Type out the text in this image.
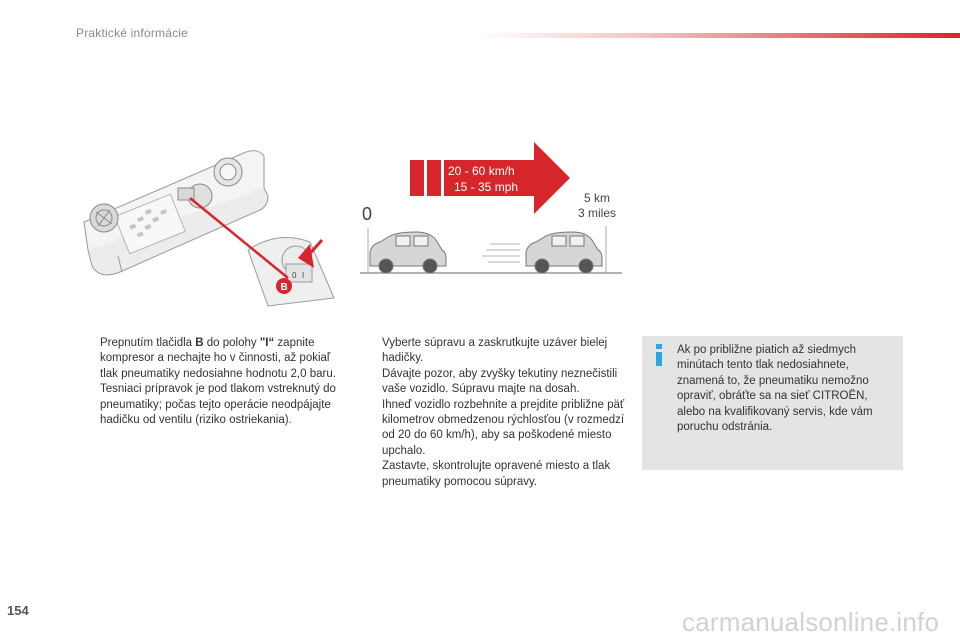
Praktické informácie
0 I
B
20 - 60 km/h
15 - 35 mph
0
5 km
3 miles
Prepnutím tlačidla B do polohy "I“ zapnite kompresor a nechajte ho v činnosti, až pokiaľ tlak pneumatiky nedosiahne hodnotu 2,0 baru.
Tesniaci prípravok je pod tlakom vstreknutý do pneumatiky; počas tejto operácie neodpájajte hadičku od ventilu (riziko ostriekania).
Vyberte súpravu a zaskrutkujte uzáver bielej hadičky.
Dávajte pozor, aby zvyšky tekutiny neznečistili vaše vozidlo. Súpravu majte na dosah.
Ihneď vozidlo rozbehnite a prejdite približne päť kilometrov obmedzenou rýchlosťou (v rozmedzí od 20 do 60 km/h), aby sa poškodené miesto upchalo.
Zastavte, skontrolujte opravené miesto a tlak pneumatiky pomocou súpravy.
Ak po približne piatich až siedmych minútach tento tlak nedosiahnete, znamená to, že pneumatiku nemožno opraviť, obráťte sa na sieť CITROËN, alebo na kvalifikovaný servis, kde vám poruchu odstránia.
154	carmanualsonline.info
